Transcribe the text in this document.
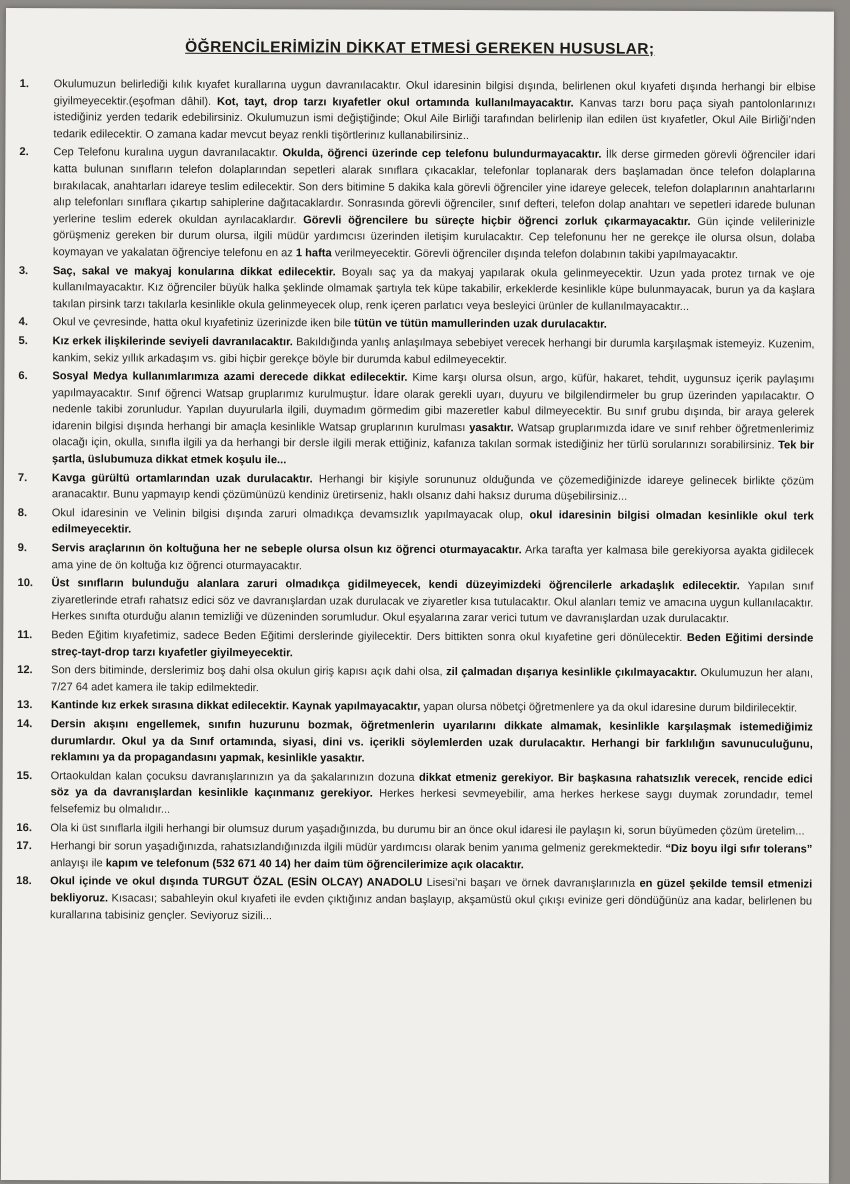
ÖĞRENCİLERİMİZİN DİKKAT ETMESİ GEREKEN HUSUSLAR;
1.	Okulumuzun belirlediği kılık kıyafet kurallarına uygun davranılacaktır. Okul idaresinin bilgisi dışında, belirlenen okul kıyafeti dışında herhangi bir elbise giyilmeyecektir.(eşofman dâhil). Kot, tayt, drop tarzı kıyafetler okul ortamında kullanılmayacaktır. Kanvas tarzı boru paça siyah pantolonlarınızı istediğiniz yerden tedarik edebilirsiniz. Okulumuzun ismi değiştiğinde; Okul Aile Birliği tarafından belirlenip ilan edilen üst kıyafetler, Okul Aile Birliği’nden tedarik edilecektir. O zamana kadar mevcut beyaz renkli tişörtlerinız kullanabilirsiniz..
2.	Cep Telefonu kuralına uygun davranılacaktır. Okulda, öğrenci üzerinde cep telefonu bulundurmayacaktır. İlk derse girmeden görevli öğrenciler idari katta bulunan sınıfların telefon dolaplarından sepetleri alarak sınıflara çıkacaklar, telefonlar toplanarak ders başlamadan önce telefon dolaplarına bırakılacak, anahtarları idareye teslim edilecektir. Son ders bitimine 5 dakika kala görevli öğrenciler yine idareye gelecek, telefon dolaplarının anahtarlarını alıp telefonları sınıflara çıkartıp sahiplerine dağıtacaklardır. Sonrasında görevli öğrenciler, sınıf defteri, telefon dolap anahtarı ve sepetleri idarede bulunan yerlerine teslim ederek okuldan ayrılacaklardır. Görevli öğrencilere bu süreçte hiçbir öğrenci zorluk çıkarmayacaktır. Gün içinde velilerinizle görüşmeniz gereken bir durum olursa, ilgili müdür yardımcısı üzerinden iletişim kurulacaktır. Cep telefonunu her ne gerekçe ile olursa olsun, dolaba koymayan ve yakalatan öğrenciye telefonu en az 1 hafta verilmeyecektir. Görevli öğrenciler dışında telefon dolabının takibi yapılmayacaktır.
3.	Saç, sakal ve makyaj konularına dikkat edilecektir. Boyalı saç ya da makyaj yapılarak okula gelinmeyecektir. Uzun yada protez tırnak ve oje kullanılmayacaktır. Kız öğrenciler büyük halka şeklinde olmamak şartıyla tek küpe takabilir, erkeklerde kesinlikle küpe bulunmayacak, burun ya da kaşlara takılan pirsink tarzı takılarla kesinlikle okula gelinmeyecek olup, renk içeren parlatıcı veya besleyici ürünler de kullanılmayacaktır...
4.	Okul ve çevresinde, hatta okul kıyafetiniz üzerinizde iken bile tütün ve tütün mamullerinden uzak durulacaktır.
5.	Kız erkek ilişkilerinde seviyeli davranılacaktır. Bakıldığında yanlış anlaşılmaya sebebiyet verecek herhangi bir durumla karşılaşmak istemeyiz. Kuzenim, kankim, sekiz yıllık arkadaşım vs. gibi hiçbir gerekçe böyle bir durumda kabul edilmeyecektir.
6.	Sosyal Medya kullanımlarımıza azami derecede dikkat edilecektir. Kime karşı olursa olsun, argo, küfür, hakaret, tehdit, uygunsuz içerik paylaşımı yapılmayacaktır. Sınıf öğrenci Watsap gruplarımız kurulmuştur. İdare olarak gerekli uyarı, duyuru ve bilgilendirmeler bu grup üzerinden yapılacaktır. O nedenle takibi zorunludur. Yapılan duyurularla ilgili, duymadım görmedim gibi mazeretler kabul dilmeyecektir. Bu sınıf grubu dışında, bir araya gelerek idarenin bilgisi dışında herhangi bir amaçla kesinlikle Watsap gruplarının kurulması yasaktır. Watsap gruplarımızda idare ve sınıf rehber öğretmenlerimiz olacağı için, okulla, sınıfla ilgili ya da herhangi bir dersle ilgili merak ettiğiniz, kafanıza takılan sormak istediğiniz her türlü sorularınızı sorabilirsiniz. Tek bir şartla, üslubumuza dikkat etmek koşulu ile...
7.	Kavga gürültü ortamlarından uzak durulacaktır. Herhangi bir kişiyle sorununuz olduğunda ve çözemediğinizde idareye gelinecek birlikte çözüm aranacaktır. Bunu yapmayıp kendi çözümünüzü kendiniz üretirseniz, haklı olsanız dahi haksız duruma düşebilirsiniz...
8.	Okul idaresinin ve Velinin bilgisi dışında zaruri olmadıkça devamsızlık yapılmayacak olup, okul idaresinin bilgisi olmadan kesinlikle okul terk edilmeyecektir.
9.	Servis araçlarının ön koltuğuna her ne sebeple olursa olsun kız öğrenci oturmayacaktır. Arka tarafta yer kalmasa bile gerekiyorsa ayakta gidilecek ama yine de ön koltuğa kız öğrenci oturmayacaktır.
10.	Üst sınıfların bulunduğu alanlara zaruri olmadıkça gidilmeyecek, kendi düzeyimizdeki öğrencilerle arkadaşlık edilecektir. Yapılan sınıf ziyaretlerinde etrafı rahatsız edici söz ve davranışlardan uzak durulacak ve ziyaretler kısa tutulacaktır. Okul alanları temiz ve amacına uygun kullanılacaktır. Herkes sınıfta oturduğu alanın temizliği ve düzeninden sorumludur. Okul eşyalarına zarar verici tutum ve davranışlardan uzak durulacaktır.
11.	Beden Eğitim kıyafetimiz, sadece Beden Eğitimi derslerinde giyilecektir. Ders bittikten sonra okul kıyafetine geri dönülecektir. Beden Eğitimi dersinde streç-tayt-drop tarzı kıyafetler giyilmeyecektir.
12.	Son ders bitiminde, derslerimiz boş dahi olsa okulun giriş kapısı açık dahi olsa, zil çalmadan dışarıya kesinlikle çıkılmayacaktır. Okulumuzun her alanı, 7/27 64 adet kamera ile takip edilmektedir.
13.	Kantinde kız erkek sırasına dikkat edilecektir. Kaynak yapılmayacaktır, yapan olursa nöbetçi öğretmenlere ya da okul idaresine durum bildirilecektir.
14.	Dersin akışını engellemek, sınıfın huzurunu bozmak, öğretmenlerin uyarılarını dikkate almamak, kesinlikle karşılaşmak istemediğimiz durumlardır. Okul ya da Sınıf ortamında, siyasi, dini vs. içerikli söylemlerden uzak durulacaktır. Herhangi bir farklılığın savunuculuğunu, reklamını ya da propagandasını yapmak, kesinlikle yasaktır.
15.	Ortaokuldan kalan çocuksu davranışlarınızın ya da şakalarınızın dozuna dikkat etmeniz gerekiyor. Bir başkasına rahatsızlık verecek, rencide edici söz ya da davranışlardan kesinlikle kaçınmanız gerekiyor. Herkes herkesi sevmeyebilir, ama herkes herkese saygı duymak zorundadır, temel felsefemiz bu olmalıdır...
16.	Ola ki üst sınıflarla ilgili herhangi bir olumsuz durum yaşadığınızda, bu durumu bir an önce okul idaresi ile paylaşın ki, sorun büyümeden çözüm üretelim...
17.	Herhangi bir sorun yaşadığınızda, rahatsızlandığınızda ilgili müdür yardımcısı olarak benim yanıma gelmeniz gerekmektedir. “Diz boyu ilgi sıfır tolerans” anlayışı ile kapım ve telefonum (532 671 40 14) her daim tüm öğrencilerimize açık olacaktır.
18.	Okul içinde ve okul dışında TURGUT ÖZAL (ESİN OLCAY) ANADOLU Lisesi’ni başarı ve örnek davranışlarınızla en güzel şekilde temsil etmenizi bekliyoruz. Kısacası; sabahleyin okul kıyafeti ile evden çıktığınız andan başlayıp, akşamüstü okul çıkışı evinize geri döndüğünüz ana kadar, belirlenen bu kurallarına tabisiniz gençler. Seviyoruz sizili...
